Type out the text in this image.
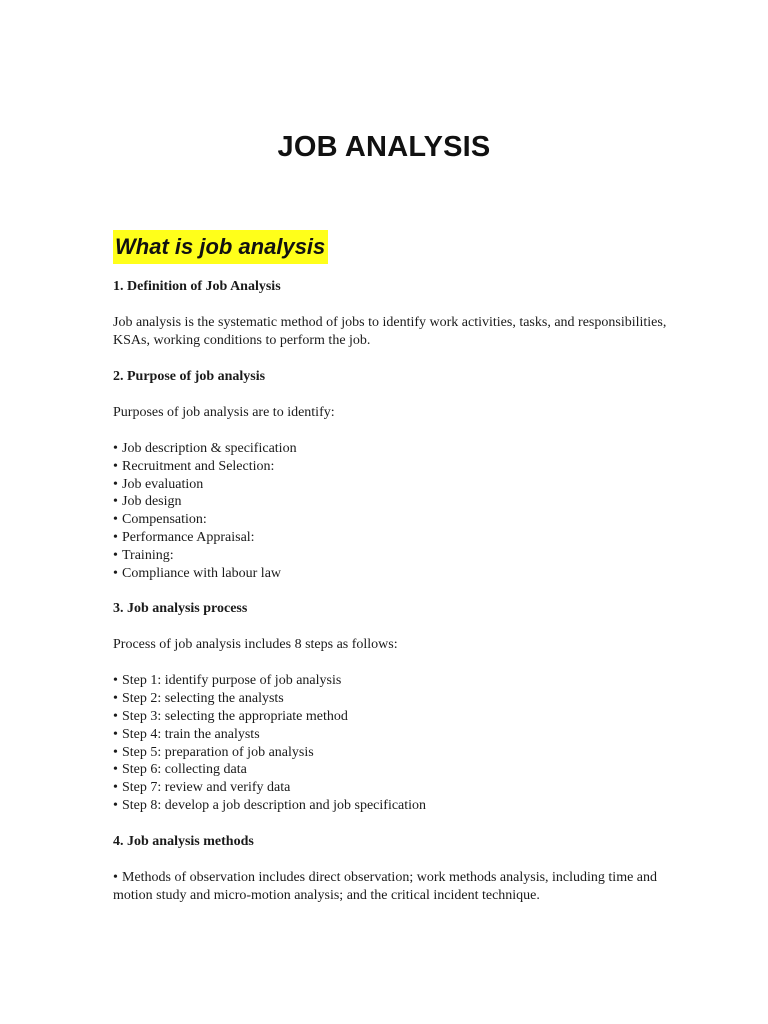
JOB ANALYSIS
What is job analysis
1. Definition of Job Analysis

Job analysis is the systematic method of jobs to identify work activities, tasks, and responsibilities, KSAs, working conditions to perform the job.

2. Purpose of job analysis

Purposes of job analysis are to identify:

• Job description & specification
• Recruitment and Selection:
• Job evaluation
• Job design
• Compensation:
• Performance Appraisal:
• Training:
• Compliance with labour law
3. Job analysis process

Process of job analysis includes 8 steps as follows:

• Step 1: identify purpose of job analysis
• Step 2: selecting the analysts
• Step 3: selecting the appropriate method
• Step 4: train the analysts
• Step 5: preparation of job analysis
• Step 6: collecting data
• Step 7: review and verify data
• Step 8: develop a job description and job specification
4. Job analysis methods

• Methods of observation includes direct observation; work methods analysis, including time and motion study and micro-motion analysis; and the critical incident technique.
